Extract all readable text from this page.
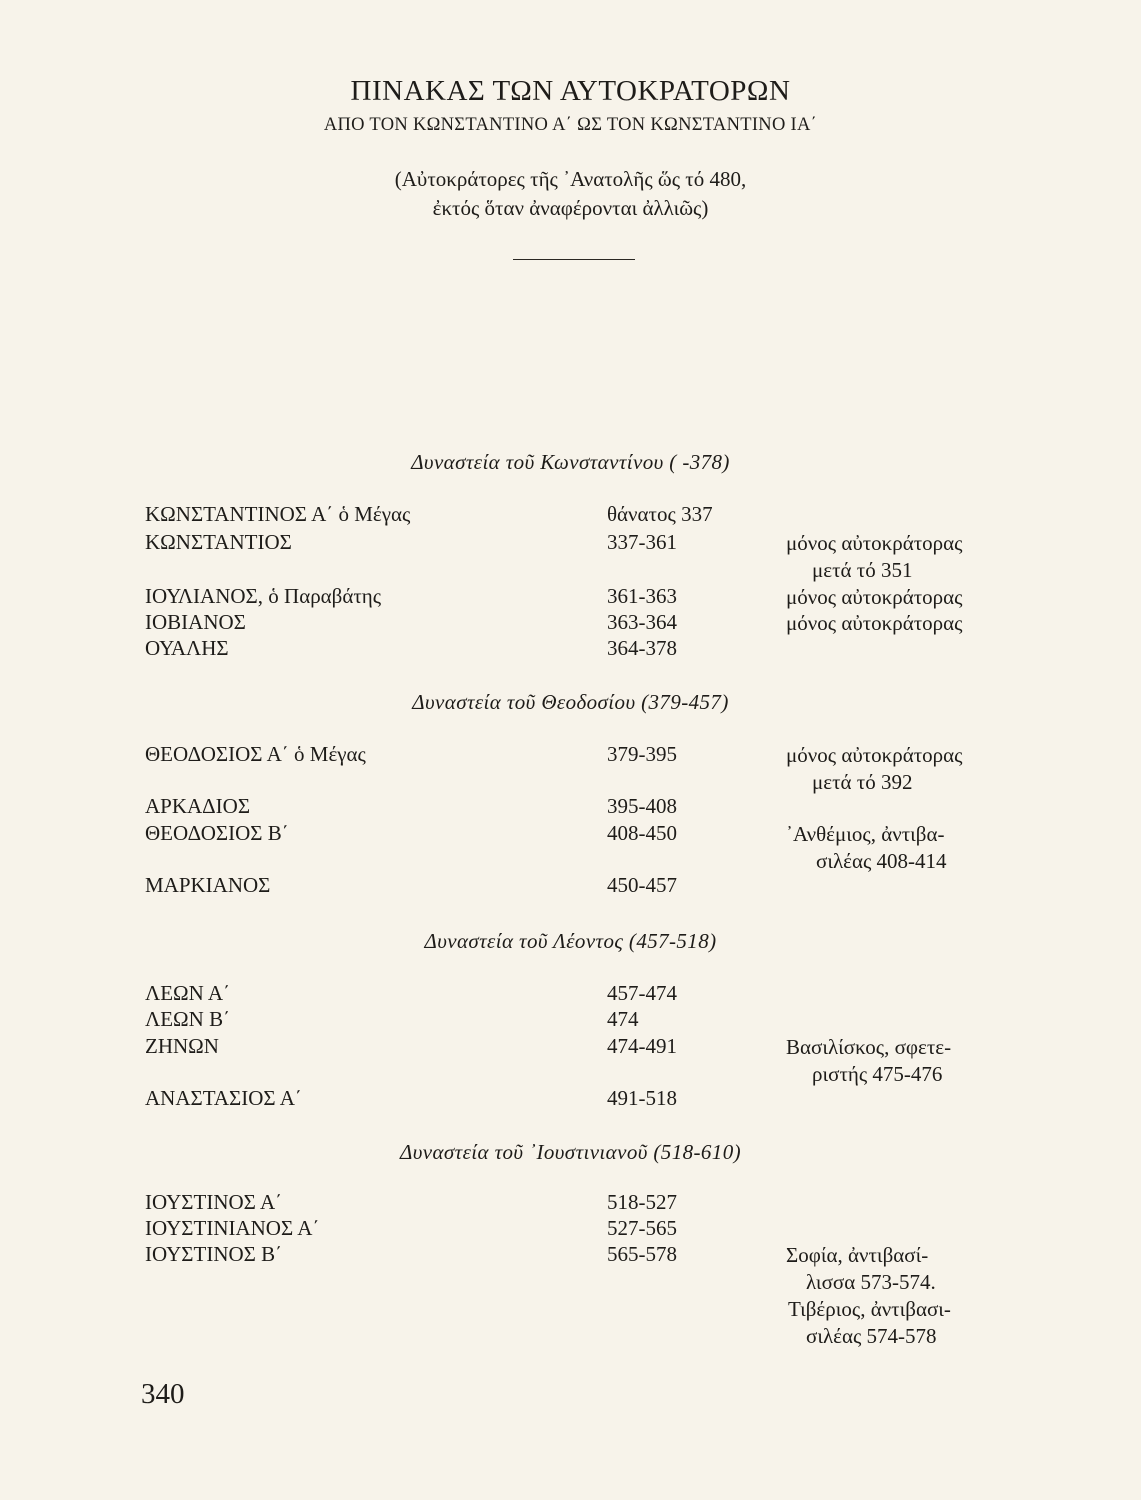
ΠΙΝΑΚΑΣ ΤΩΝ ΑΥΤΟΚΡΑΤΟΡΩΝ
ΑΠΟ ΤΟΝ ΚΩΝΣΤΑΝΤΙΝΟ Α΄ ΩΣ ΤΟΝ ΚΩΝΣΤΑΝΤΙΝΟ ΙΑ΄
(Αὐτοκράτορες τῆς ᾿Ανατολῆς ὥς τό 480,
ἐκτός ὅταν ἀναφέρονται ἀλλιῶς)
Δυναστεία τοῦ Κωνσταντίνου ( -378)
ΚΩΝΣΤΑΝΤΙΝΟΣ Α΄ ὁ Μέγας	θάνατος 337
ΚΩΝΣΤΑΝΤΙΟΣ	337-361	μόνος αὐτοκράτορας
μετά τό 351
ΙΟΥΛΙΑΝΟΣ, ὁ Παραβάτης	361-363	μόνος αὐτοκράτορας
ΙΟΒΙΑΝΟΣ	363-364	μόνος αὐτοκράτορας
ΟΥΑΛΗΣ	364-378
Δυναστεία τοῦ Θεοδοσίου (379-457)
ΘΕΟΔΟΣΙΟΣ Α΄ ὁ Μέγας	379-395	μόνος αὐτοκράτορας
μετά τό 392
ΑΡΚΑΔΙΟΣ	395-408
ΘΕΟΔΟΣΙΟΣ Β΄	408-450	᾿Ανθέμιος, ἀντιβα-
σιλέας 408-414
ΜΑΡΚΙΑΝΟΣ	450-457
Δυναστεία τοῦ Λέοντος (457-518)
ΛΕΩΝ Α΄	457-474
ΛΕΩΝ Β΄	474
ΖΗΝΩΝ	474-491	Βασιλίσκος, σφετε-
ριστής 475-476
ΑΝΑΣΤΑΣΙΟΣ Α΄	491-518
Δυναστεία τοῦ ᾿Ιουστινιανοῦ (518-610)
ΙΟΥΣΤΙΝΟΣ Α΄	518-527
ΙΟΥΣΤΙΝΙΑΝΟΣ Α΄	527-565
ΙΟΥΣΤΙΝΟΣ Β΄	565-578	Σοφία, ἀντιβασί-
λισσα 573-574.
Τιβέριος, ἀντιβασι-
σιλέας 574-578
340
